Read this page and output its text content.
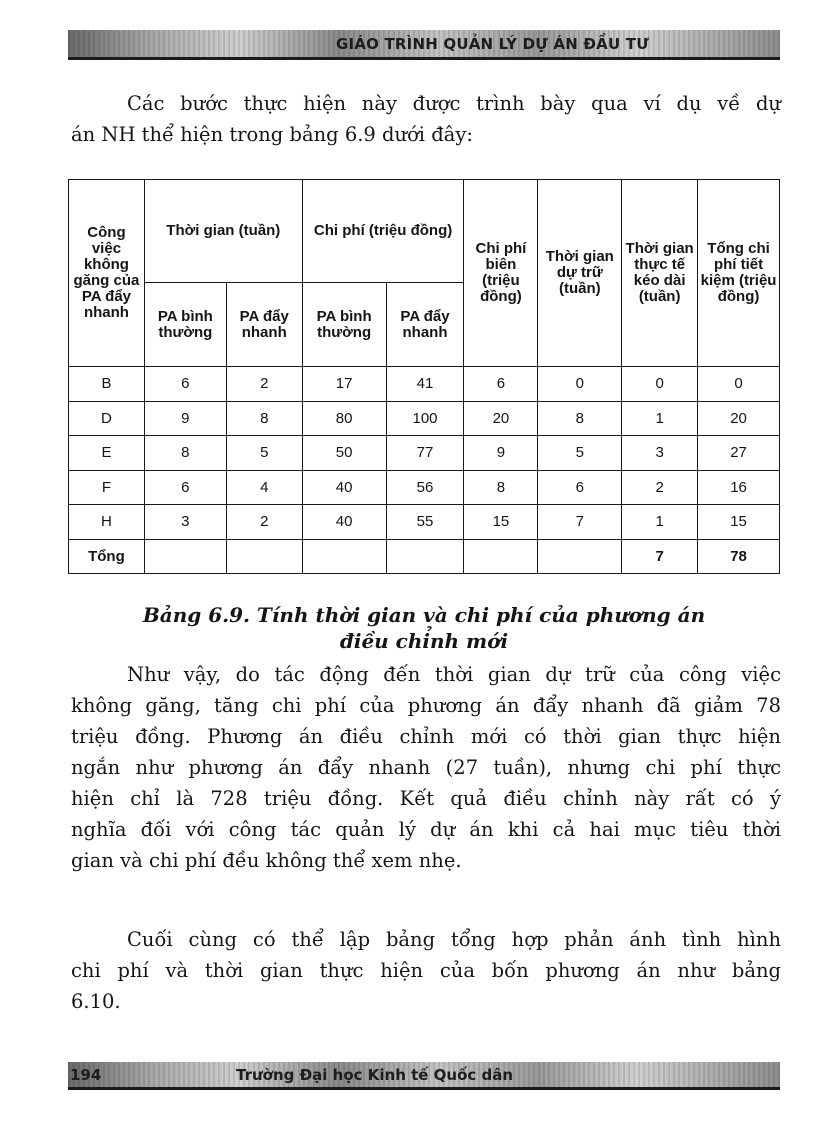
GIÁO TRÌNH QUẢN LÝ DỰ ÁN ĐẦU TƯ
Các bước thực hiện này được trình bày qua ví dụ về dự
án NH thể hiện trong bảng 6.9 dưới đây:
Công việc không găng của PA đẩy nhanh	Thời gian (tuần)		Chi phí (triệu đồng)		Chi phí biên (triệu đồng)	Thời gian dự trữ (tuần)	Thời gian thực tế kéo dài (tuần)	Tổng chi phí tiết kiệm (triệu đồng)
	PA bình thường	PA đẩy nhanh	PA bình thường	PA đẩy nhanh				
B	6	2	17	41	6	0	0	0
D	9	8	80	100	20	8	1	20
E	8	5	50	77	9	5	3	27
F	6	4	40	56	8	6	2	16
H	3	2	40	55	15	7	1	15
Tổng							7	78
Bảng 6.9. Tính thời gian và chi phí của phương án
điều chỉnh mới
Như vậy, do tác động đến thời gian dự trữ của công việc
không găng, tăng chi phí của phương án đẩy nhanh đã giảm 78
triệu đồng. Phương án điều chỉnh mới có thời gian thực hiện
ngắn như phương án đẩy nhanh (27 tuần), nhưng chi phí thực
hiện chỉ là 728 triệu đồng. Kết quả điều chỉnh này rất có ý
nghĩa đối với công tác quản lý dự án khi cả hai mục tiêu thời
gian và chi phí đều không thể xem nhẹ.
Cuối cùng có thể lập bảng tổng hợp phản ánh tình hình
chi phí và thời gian thực hiện của bốn phương án như bảng
6.10.
194	Trường Đại học Kinh tế Quốc dân
